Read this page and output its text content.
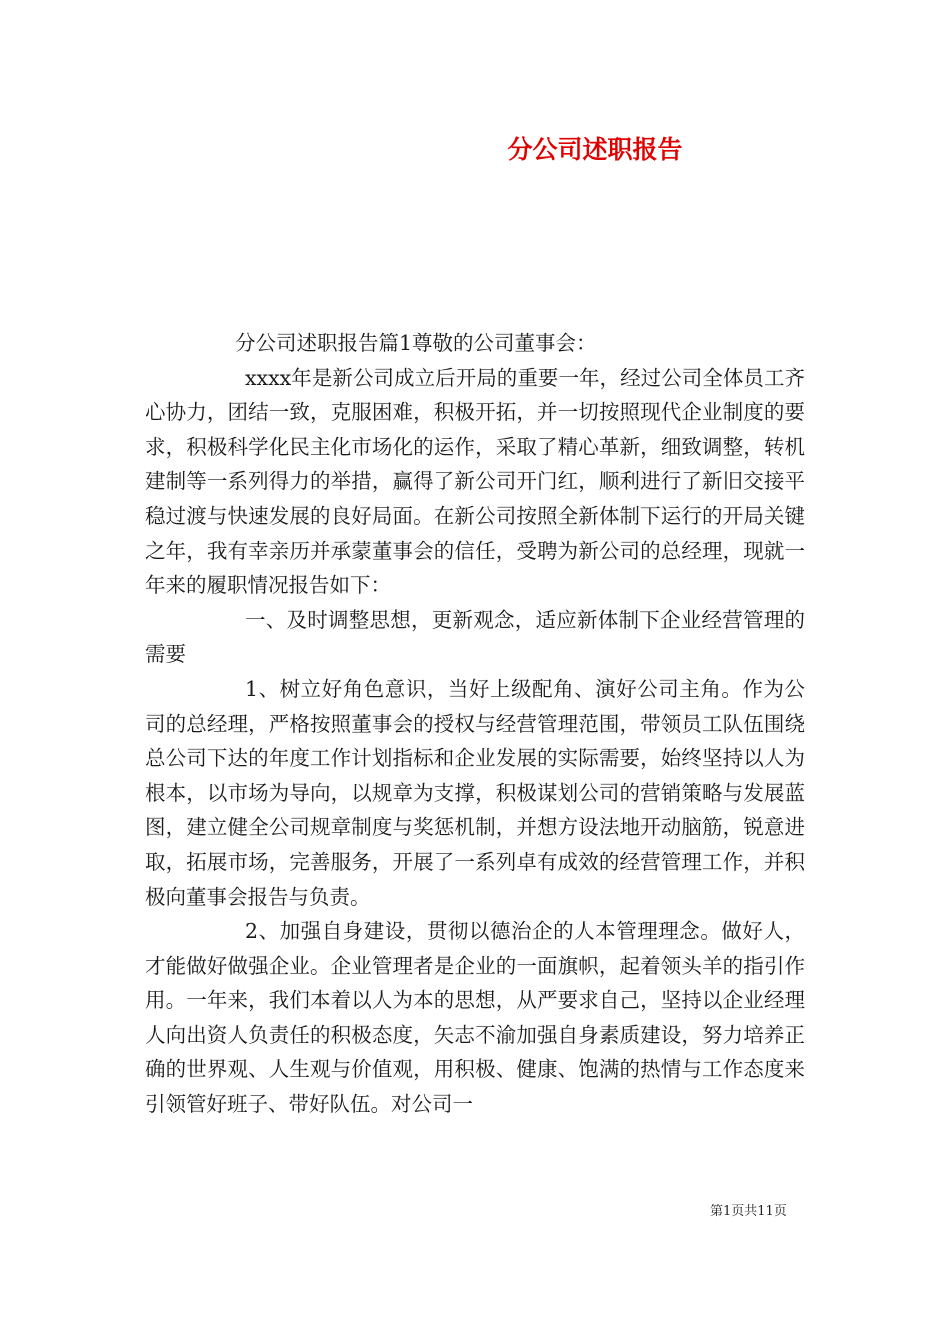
分公司述职报告

分公司述职报告篇1尊敬的公司董事会：

xxxx年是新公司成立后开局的重要一年，经过公司全体员工齐心协力，团结一致，克服困难，积极开拓，并一切按照现代企业制度的要求，积极科学化民主化市场化的运作，采取了精心革新，细致调整，转机建制等一系列得力的举措，赢得了新公司开门红，顺利进行了新旧交接平稳过渡与快速发展的良好局面。在新公司按照全新体制下运行的开局关键之年，我有幸亲历并承蒙董事会的信任，受聘为新公司的总经理，现就一年来的履职情况报告如下：

一、及时调整思想，更新观念，适应新体制下企业经营管理的需要

1、树立好角色意识，当好上级配角、演好公司主角。作为公司的总经理，严格按照董事会的授权与经营管理范围，带领员工队伍围绕总公司下达的年度工作计划指标和企业发展的实际需要，始终坚持以人为根本，以市场为导向，以规章为支撑，积极谋划公司的营销策略与发展蓝图，建立健全公司规章制度与奖惩机制，并想方设法地开动脑筋，锐意进取，拓展市场，完善服务，开展了一系列卓有成效的经营管理工作，并积极向董事会报告与负责。

2、加强自身建设，贯彻以德治企的人本管理理念。做好人，才能做好做强企业。企业管理者是企业的一面旗帜，起着领头羊的指引作用。一年来，我们本着以人为本的思想，从严要求自己，坚持以企业经理人向出资人负责任的积极态度，矢志不渝加强自身素质建设，努力培养正确的世界观、人生观与价值观，用积极、健康、饱满的热情与工作态度来引领管好班子、带好队伍。对公司一

第1页共11页
